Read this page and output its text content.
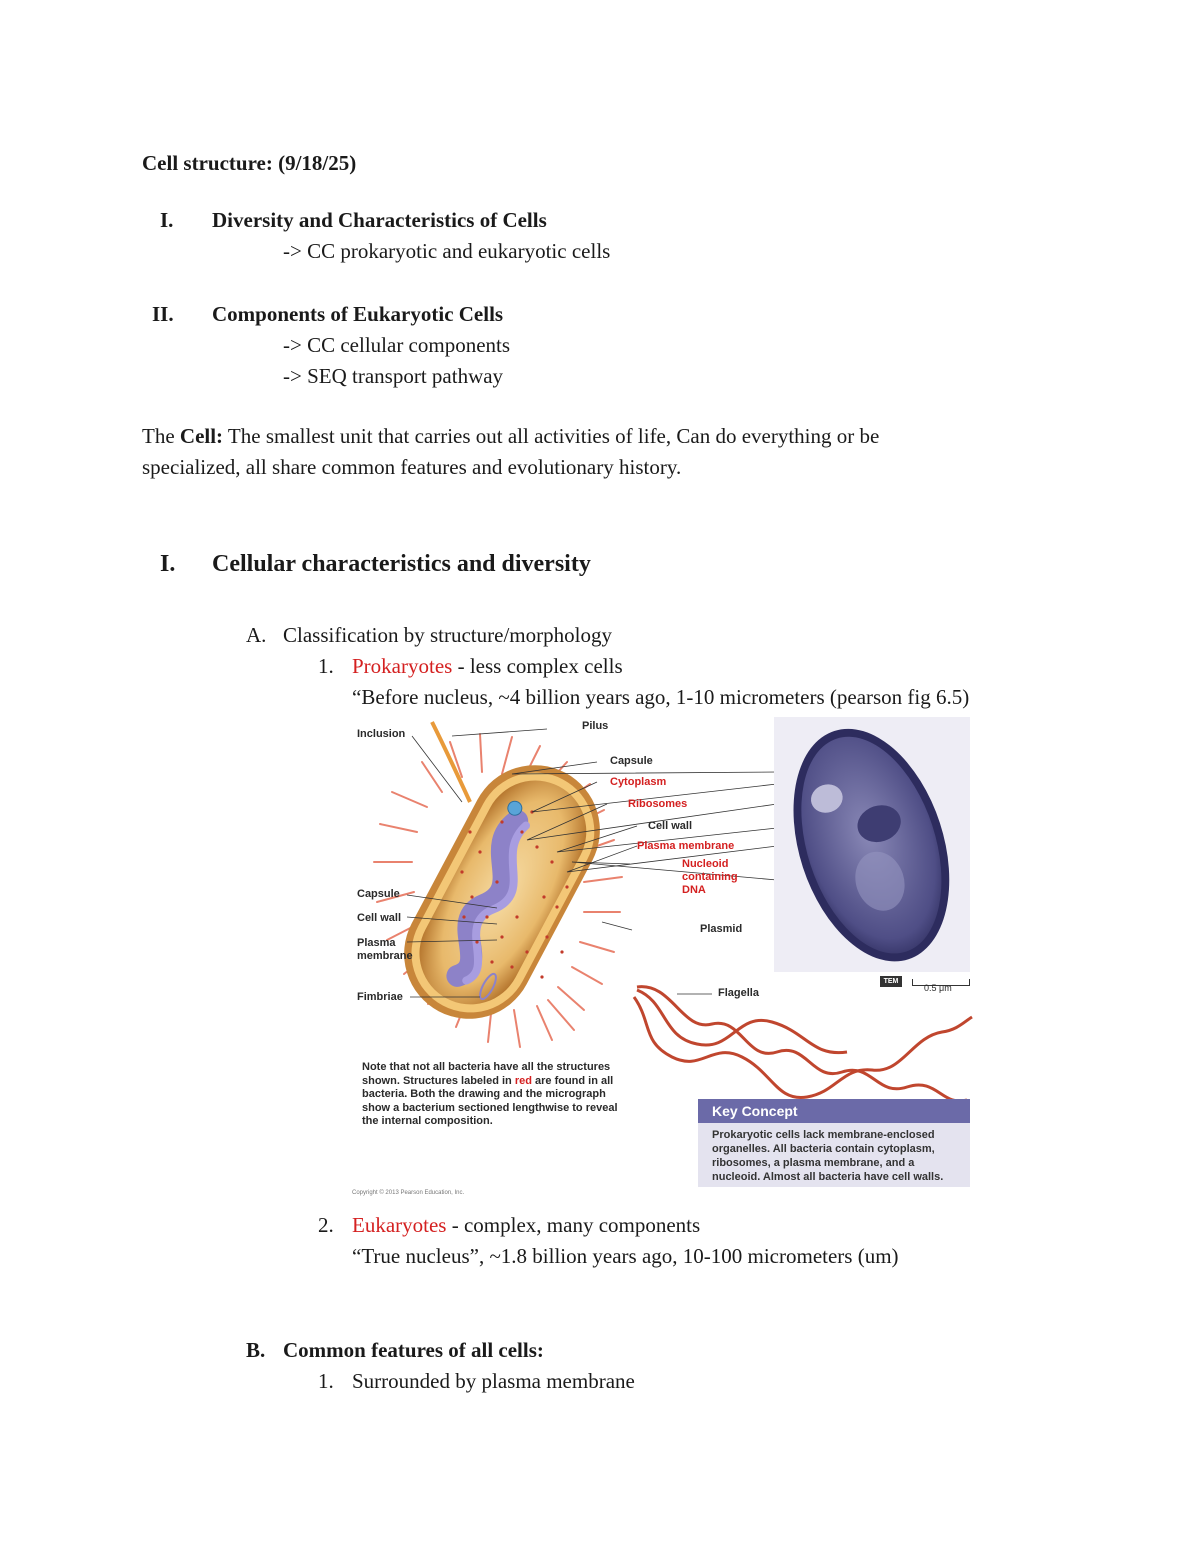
Cell structure: (9/18/25)
I. Diversity and Characteristics of Cells
-> CC prokaryotic and eukaryotic cells
II. Components of Eukaryotic Cells
-> CC cellular components
-> SEQ transport pathway
The Cell: The smallest unit that carries out all activities of life, Can do everything or be
specialized, all share common features and evolutionary history.
I. Cellular characteristics and diversity
A. Classification by structure/morphology
1. Prokaryotes - less complex cells
“Before nucleus, ~4 billion years ago, 1-10 micrometers (pearson fig 6.5)
Inclusion
Pilus
Capsule
Cytoplasm
Ribosomes
Cell wall
Plasma membrane
Nucleoid
containing
DNA
Plasmid
Capsule
Cell wall
Plasma
membrane
Fimbriae	Flagella
TEM
0.5 μm
Note that not all bacteria have all the structures shown. Structures labeled in red are found in all bacteria. Both the drawing and the micrograph show a bacterium sectioned lengthwise to reveal the internal composition.
Key Concept
Prokaryotic cells lack membrane-enclosed organelles. All bacteria contain cytoplasm, ribosomes, a plasma membrane, and a nucleoid. Almost all bacteria have cell walls.
Copyright © 2013 Pearson Education, Inc.
2. Eukaryotes - complex, many components
“True nucleus”, ~1.8 billion years ago, 10-100 micrometers (um)
B. Common features of all cells:
1. Surrounded by plasma membrane
